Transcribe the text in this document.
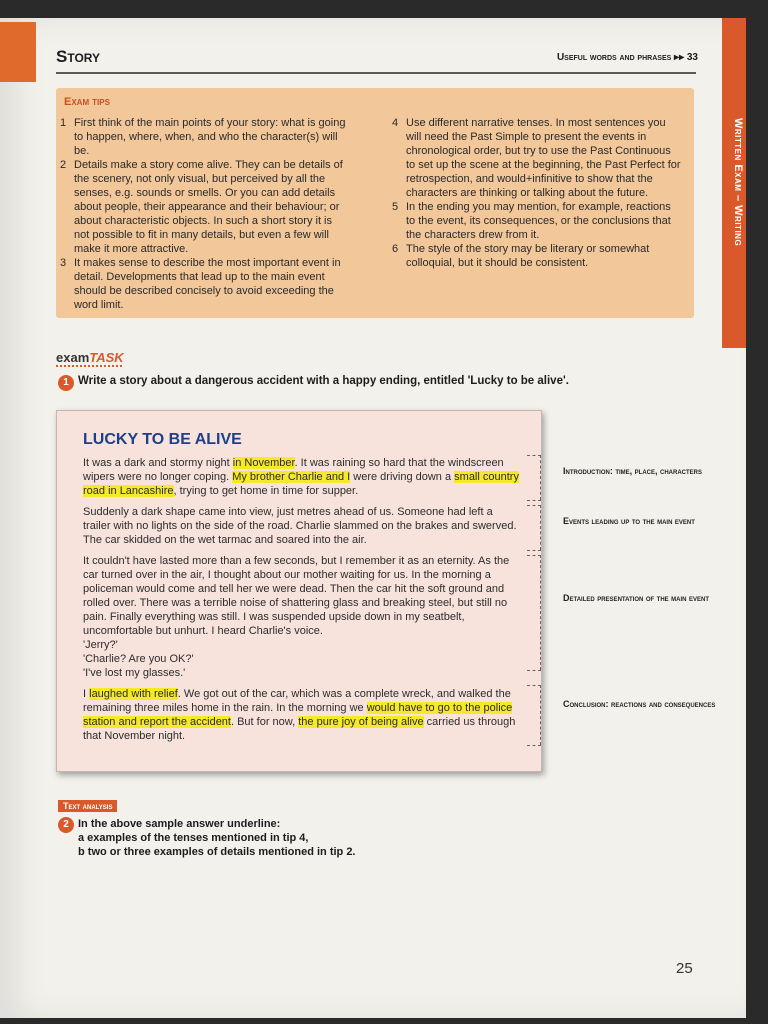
Written Exam – Writing
Story	Useful words and phrases ▸▸ 33
Exam tips
1 First think of the main points of your story: what is going to happen, where, when, and who the character(s) will be.
2 Details make a story come alive. They can be details of the scenery, not only visual, but perceived by all the senses, e.g. sounds or smells. Or you can add details about people, their appearance and their behaviour; or about characteristic objects. In such a short story it is not possible to fit in many details, but even a few will make it more attractive.
3 It makes sense to describe the most important event in detail. Developments that lead up to the main event should be described concisely to avoid exceeding the word limit.
4 Use different narrative tenses. In most sentences you will need the Past Simple to present the events in chronological order, but try to use the Past Continuous to set up the scene at the beginning, the Past Perfect for retrospection, and would+infinitive to show that the characters are thinking or talking about the future.
5 In the ending you may mention, for example, reactions to the event, its consequences, or the conclusions that the characters drew from it.
6 The style of the story may be literary or somewhat colloquial, but it should be consistent.
examTASK
1 Write a story about a dangerous accident with a happy ending, entitled 'Lucky to be alive'.
LUCKY TO BE ALIVE

It was a dark and stormy night in November. It was raining so hard that the windscreen wipers were no longer coping. My brother Charlie and I were driving down a small country road in Lancashire, trying to get home in time for supper.

Suddenly a dark shape came into view, just metres ahead of us. Someone had left a trailer with no lights on the side of the road. Charlie slammed on the brakes and swerved. The car skidded on the wet tarmac and soared into the air.

It couldn't have lasted more than a few seconds, but I remember it as an eternity. As the car turned over in the air, I thought about our mother waiting for us. In the morning a policeman would come and tell her we were dead. Then the car hit the soft ground and rolled over. There was a terrible noise of shattering glass and breaking steel, but still no pain. Finally everything was still. I was suspended upside down in my seatbelt, uncomfortable but unhurt. I heard Charlie's voice.

'Jerry?'

'Charlie? Are you OK?'

'I've lost my glasses.'

I laughed with relief. We got out of the car, which was a complete wreck, and walked the remaining three miles home in the rain. In the morning we would have to go to the police station and report the accident. But for now, the pure joy of being alive carried us through that November night.

Introduction: time, place, characters
Events leading up to the main event
Detailed presentation of the main event
Conclusion: reactions and consequences
Text analysis
2 In the above sample answer underline:
a examples of the tenses mentioned in tip 4,
b two or three examples of details mentioned in tip 2.
25
